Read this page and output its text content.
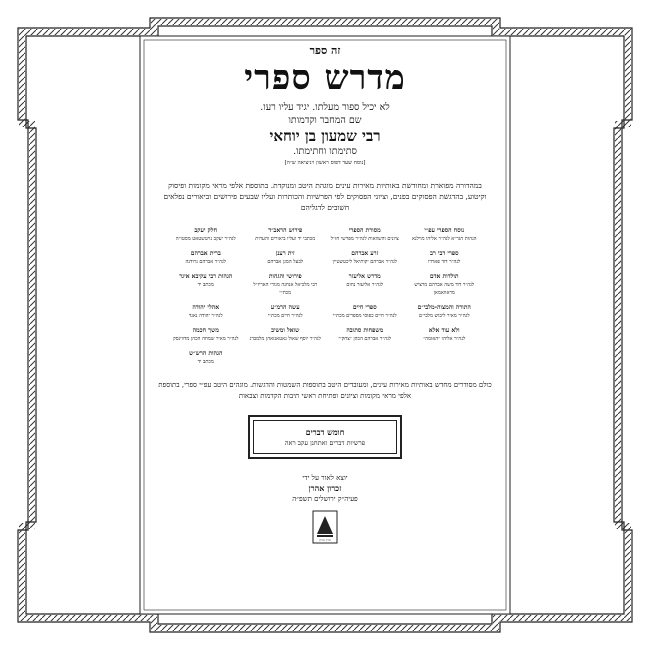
זה ספר
מדרש ספרי
לא יכיל ספור מעלתו. יגיד עליו רעו.
שם המחבר וקדמותו
רבי שמעון בן יוחאי
סתימתו וחתימתו.
[נוסח שעד דפוס ראשון ויניציאה ש״ה]
במהדורה מפוארת ומחודשת באותיות מאירות עינים מוגהת היטב ומנוקדת. בתוספת אלפי מראי מקומות ופיסוק וקיטוע, בהדגשת הפסוקים בפנים, וציוני הפסוקים לפי הפרשיות והכותרות ועליו שבעים פירושים וביאורים נפלאים חשובים לדגליהם
נוסח הספרי עפ״י
הגהות הגר״א לגה״ר אליהו מוילנא
מסורת הספרי
ציונים והשוואות לגה״ר מפרשי חז״ל
פירוש הראב״ד
מכתבי יד ועליו ביאורים והערות
חלק יעקב
לגה״ר יעקב נויטשטאט מסטו״ה
ספרי דבי רב
לגה״ר דוד פארדו
זרע אברהם
לגה״ר אברהם יקותיאל ליכטשטיין
זית רענן
לבעל המגן אברהם
ברית אברהם
לגה״ר אברהם גרודנה
תולדות אדם
לגה״ר דוד משה אברהם מרציש מראוואמאן
מדרש אליעזר
לגה״ר אליעזר נחום
פירושי והגהות
רבי מלכיאל אנחנה מגורי האריז״ל מכת״י
הגהות רבי עקיבא איגר
מכתב יד
התורה והמצוה-מלבי״ם
לגה״ר מאיר ליבוש מלבי״ם
ספרי חיים
לגה״ר חיים כפוסי מספרים מכת״י
עשה הרמ״ע
לגה״ר חיים מכת״י
אהלי יהודה
לגה״ר יהודה נאגד
ולא עוד אלא
לגה״ר אליהו ״האזמה״
משפחות סתובה
לגה״ר אברהם הכהן ״צחקי״
שואל ומשיב
לגה״ר יוסף שאול נאטאנזאהן מלמברג
משך חכמה
לגה״ר מאיר שמחה הכהן מדווינסק
הגהות הרש״ש
מכתב יד
כולם מסודרים מחדש באותיות מאירות עינים, ומעובדים היטב בתוספות השמטות והדגשות. מוגהים היטב עפ״י ספרי, בתוספת אלפי מראי מקומות וציונים ופתיחת ראשי תיבות הקדמות וצבאות
חומש דברים
פרשיות דברים ואתחנן עקב ראה
יוצא לאור על ידי
זכרון אהרן
פעיה״ק ירושלים תשפ״ה
זכרון אהרן
